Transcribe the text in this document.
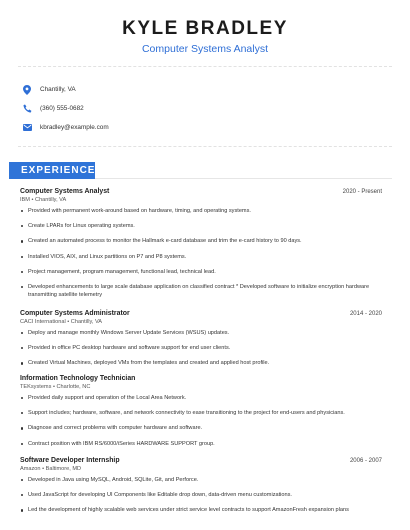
KYLE BRADLEY
Computer Systems Analyst
Chantilly, VA
(360) 555-0682
kbradley@example.com
EXPERIENCE
Computer Systems Analyst	2020 - Present
IBM • Chantilly, VA
Provided with permanent work-around based on hardware, timing, and operating systems.
Create LPARs for Linux operating systems.
Created an automated process to monitor the Hallmark e-card database and trim the e-card history to 90 days.
Installed VIOS, AIX, and Linux partitions on P7 and P8 systems.
Project management, program management, functional lead, technical lead.
Developed enhancements to large scale database application on classified contract * Developed software to initialize encryption hardware transmitting satellite telemetry
Computer Systems Administrator	2014 - 2020
CACI International • Chantilly, VA
Deploy and manage monthly Windows Server Update Services (WSUS) updates.
Provided in office PC desktop hardware and software support for end user clients.
Created Virtual Machines, deployed VMs from the templates and created and applied host profile.
Information Technology Technician
TEKsystems • Charlotte, NC
Provided daily support and operation of the Local Area Network.
Support includes; hardware, software, and network connectivity to ease transitioning to the project for end-users and physicians.
Diagnose and correct problems with computer hardware and software.
Contract position with IBM RS/6000/iSeries HARDWARE SUPPORT group.
Software Developer Internship	2006 - 2007
Amazon • Baltimore, MD
Developed in Java using MySQL, Android, SQLite, Git, and Perforce.
Used JavaScript for developing UI Components like Editable drop down, data-driven menu customizations.
Led the development of highly scalable web services under strict service level contracts to support AmazonFresh expansion plans
